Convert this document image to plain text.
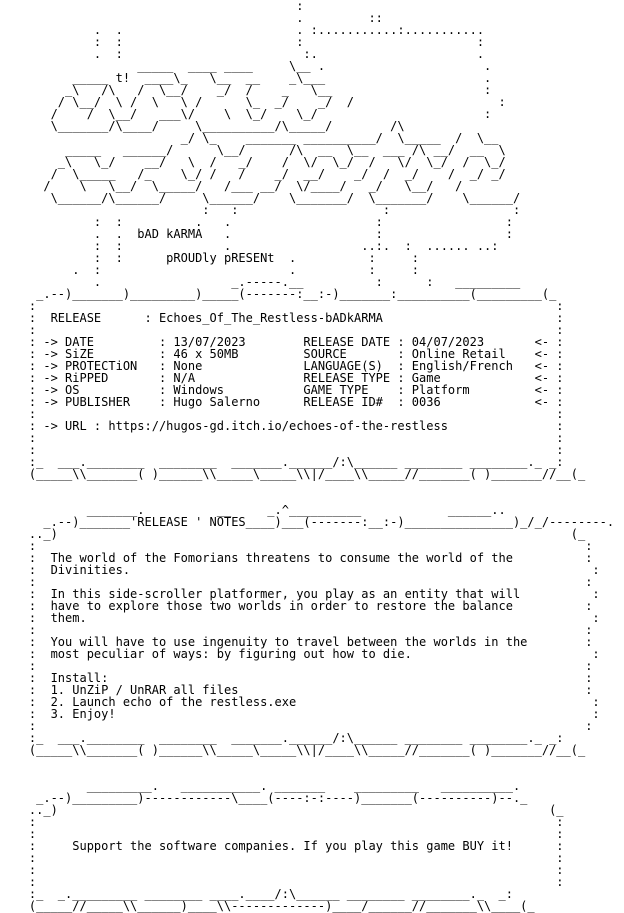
:
.         ::
.  .                        . :...........:...........
:  :                        :                        :
.  :                         :.                      .
_____  ____ ____     \__ .                      .
_____ t!  ____\_   \__  __    _\___                      .
_\   /\   /  \__/    _/  /    _   \__                     :
/ \__/  \ /  \   \ /      \_  _/    _/  /                    :
/    /  \__/   ___\/    \  \_/    \_/                       :
\_______/\____/     \__________/\_____/        /\
_/ \_    _______ __________/  \_____  /  \__
_____   ______/      \__/      /\  __  \__  ___ /\ __/  __  \
_\   \_/    __/   \  /   _/    /  \/  \_/  /   \/  \_/  /  \_/
/  \_____   /_    \_/ /   /    _/  __/    _/  /  _/    /  _/ _/
/    \   \__/  \_____/   /___ __/  \/____/   _/   \__/   /
\______/\______/     \______/    \_______/  \_______/    \______/
:   :                    :                 :
:  :          .   .                    :                 :
.  .  bAD kARMA   .                    :                 :
:  :              .                  ..:.  :  ...... ..:
:  :      pROUDly pRESENt  .          :     :
.  :                          .          :     :
.                  _.-----.__          :      :   _________
_.--)_______)_________)_____(-------:__:-)_______:__________(_________(_
:                                                                        :
:  RELEASE      : Echoes_Of_The_Restless-bADkARMA                        :
:                                                                        :
: -> DATE         : 13/07/2023        RELEASE DATE : 04/07/2023       <- :
: -> SiZE         : 46 x 50MB         SOURCE       : Online Retail    <- :
: -> PROTECTiON   : None              LANGUAGE(S)  : English/French   <- :
: -> RiPPED       : N/A               RELEASE TYPE : Game             <- :
: -> OS           : Windows           GAME TYPE    : Platform         <- :
: -> PUBLISHER    : Hugo Salerno      RELEASE ID#  : 0036             <- :
:                                                                        :
: -> URL : https://hugos-gd.itch.io/echoes-of-the-restless               :
:                                                                        :
:                                                                        :
:_  ___.________  ________  _______.______/:\______ ________ ________._ _:
(_____\\_______( )______\\_____\_____\\|/____\\_____//_______( )_______//__(_
_______.          __     _.^__________            ______..
_.--)_______'RELEASE ' NOTES____)___(-------:__:-)_______________)_/_/--------.
.._)                                                                       (_
:                                                                            :
:  The world of the Fomorians threatens to consume the world of the          :
:  Divinities.                                                                :
:                                                                            :
:  In this side-scroller platformer, you play as an entity that will          :
:  have to explore those two worlds in order to restore the balance          :
:  them.                                                                      :
:                                                                            :
:  You will have to use ingenuity to travel between the worlds in the        :
:  most peculiar of ways: by figuring out how to die.                         :
:                                                                            :
:  Install:                                                                  :
:  1. UnZiP / UnRAR all files                                                :
:  2. Launch echo of the restless.exe                                         :
:  3. Enjoy!                                                                  :
:                                                                            :
:_  ___.________  ________  _______.______/:\______ ________ ________._ _:
(_____\\_______( )______\\_____\_____\\|/____\\_____//_______( )_______//__(_
_________.   ___________. _______    _________   __________.
_.--)_________)------------\____(----:-:----)_______(----------)--._
.._)                                                                    (_
:                                                                        :
:                                                                        :
:     Support the software companies. If you play this game BUY it!      :
:                                                                        :
:                                                                        :
:                                                                        :
:_  _._________ ________ ____.____/:\______ ________ ________._  _:
(_____//_____\\______)____\\-------------)____/______//_______\\____(_
